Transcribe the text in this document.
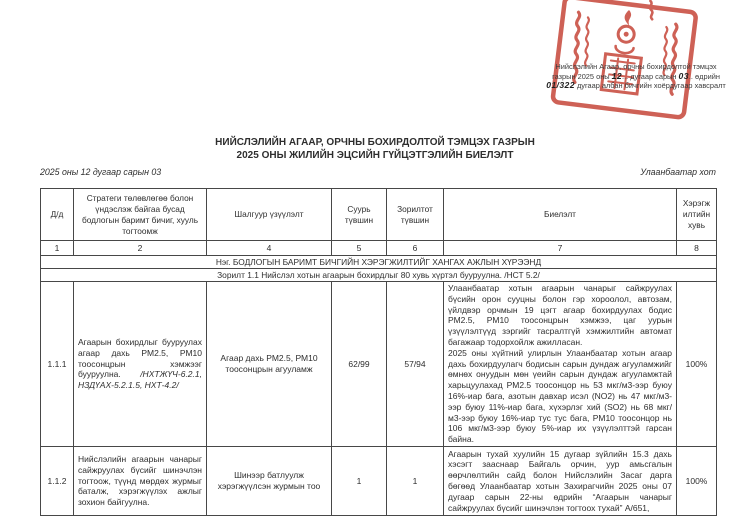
Нийслэлийн Агаар, орчны бохирдолтой тэмцэх
газрын 2025 оны 12... дугаар сарын 03.. өдрийн
01/322 дугаар албан бичгийн хоёрдугаар хавсралт
НИЙСЛЭЛИЙН АГААР, ОРЧНЫ БОХИРДОЛТОЙ ТЭМЦЭХ ГАЗРЫН
2025 ОНЫ ЖИЛИЙН ЭЦСИЙН ГҮЙЦЭТГЭЛИЙН БИЕЛЭЛТ
2025 оны 12 дугаар сарын 03	Улаанбаатар хот
Д/д	Стратеги төлөвлөгөө болон үндэслэж байгаа бусад бодлогын баримт бичиг, хууль тогтоомж	Шалгуур үзүүлэлт	Суурь түвшин	Зорилтот түвшин	Биелэлт	Хэрэгж илтийн хувь
1	2	4	5	6	7	8
Нэг. БОДЛОГЫН БАРИМТ БИЧГИЙН ХЭРЭГЖИЛТИЙГ ХАНГАХ АЖЛЫН ХҮРЭЭНД						
Зорилт 1.1 Нийслэл хотын агаарын бохирдлыг 80 хувь хүртэл бууруулна. /НСТ 5.2/						
1.1.1	Агаарын бохирдлыг бууруулах агаар дахь РМ2.5, РМ10 тоосонцрын хэмжээг бууруулна. /НХТЖҮЧ-6.2.1, НЗДҮАХ-5.2.1.5, НХТ-4.2/	Агаар дахь РМ2.5, РМ10 тоосонцрын агууламж	62/99	57/94	Улаанбаатар хотын агаарын чанарыг сайжруулах бүсийн орон сууцны болон гэр хороолол, автозам, үйлдвэр орчмын 19 цэгт агаар бохирдуулах бодис РМ2.5, РМ10 тоосонцрын хэмжээ, цаг уурын үзүүлэлтүүд зэргийг тасралтгүй хэмжилтийн автомат багажаар тодорхойлж ажилласан.
2025 оны хүйтний улирлын Улаанбаатар хотын агаар дахь бохирдуулагч бодисын сарын дундаж агууламжийг өмнөх онуудын мөн үеийн сарын дундаж агууламжтай харьцуулахад РМ2.5 тоосонцор нь 53 мкг/м3-ээр буюу 16%-иар бага, азотын давхар исэл (NO2) нь 47 мкг/м3-ээр буюу 11%-иар бага, хүхэрлэг хий (SO2) нь 68 мкг/м3-ээр буюу 16%-иар тус тус бага, РМ10 тоосонцор нь 106 мкг/м3-ээр буюу 5%-иар их үзүүлэлттэй гарсан байна.	100%
1.1.2	Нийслэлийн агаарын чанарыг сайжруулах бүсийг шинэчлэн тогтоож, түүнд мөрдөх журмыг баталж, хэрэгжүүлэх ажлыг зохион байгуулна.	Шинээр батлуулж хэрэгжүүлсэн журмын тоо	1	1	Агаарын тухай хуулийн 15 дугаар зүйлийн 15.3 дахь хэсэгт зааснаар Байгаль орчин, уур амьсгалын өөрчлөлтийн сайд болон Нийслэлийн Засаг дарга бөгөөд Улаанбаатар хотын Захирагчийн 2025 оны 07 дугаар сарын 22-ны өдрийн “Агаарын чанарыг сайжруулах бүсийг шинэчлэн тогтоох тухай” А/651,	100%
